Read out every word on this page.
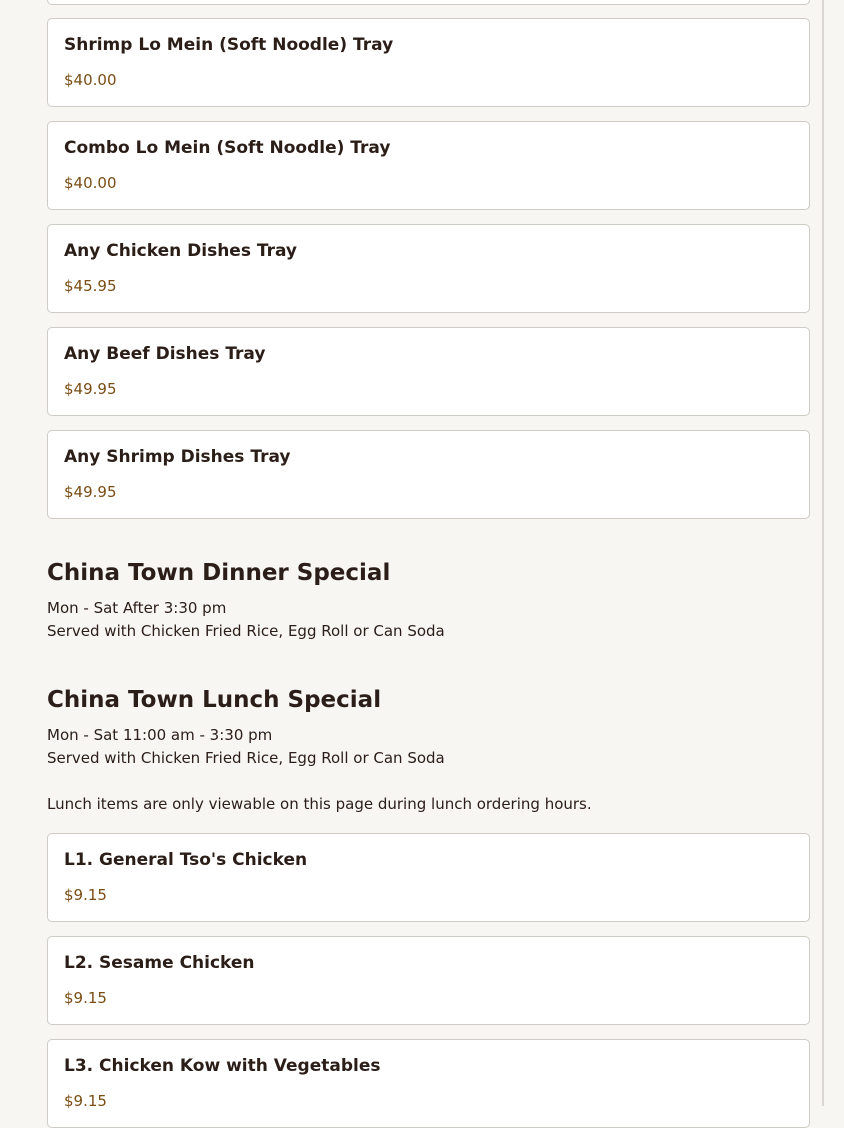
Shrimp Lo Mein (Soft Noodle) Tray
$40.00
Combo Lo Mein (Soft Noodle) Tray
$40.00
Any Chicken Dishes Tray
$45.95
Any Beef Dishes Tray
$49.95
Any Shrimp Dishes Tray
$49.95
China Town Dinner Special
Mon - Sat After 3:30 pm
Served with Chicken Fried Rice, Egg Roll or Can Soda
China Town Lunch Special
Mon - Sat 11:00 am - 3:30 pm
Served with Chicken Fried Rice, Egg Roll or Can Soda
Lunch items are only viewable on this page during lunch ordering hours.
L1. General Tso's Chicken
$9.15
L2. Sesame Chicken
$9.15
L3. Chicken Kow with Vegetables
$9.15
